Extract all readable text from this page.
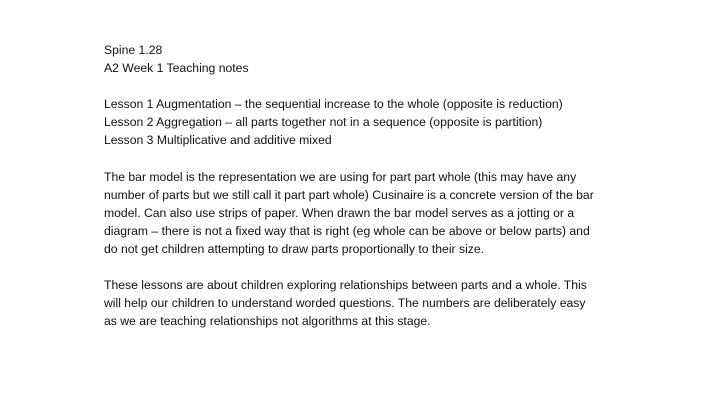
Spine 1.28
A2 Week 1 Teaching notes
Lesson 1 Augmentation – the sequential increase to the whole (opposite is reduction)
Lesson 2 Aggregation – all parts together not in a sequence (opposite is partition)
Lesson 3 Multiplicative and additive mixed
The bar model is the representation we are using for part part whole (this may have any
number of parts but we still call it part part whole) Cusinaire is a concrete version of the bar
model. Can also use strips of paper. When drawn the bar model serves as a jotting or a
diagram – there is not a fixed way that is right (eg whole can be above or below parts) and
do not get children attempting to draw parts proportionally to their size.
These lessons are about children exploring relationships between parts and a whole. This
will help our children to understand worded questions. The numbers are deliberately easy
as we are teaching relationships not algorithms at this stage.
